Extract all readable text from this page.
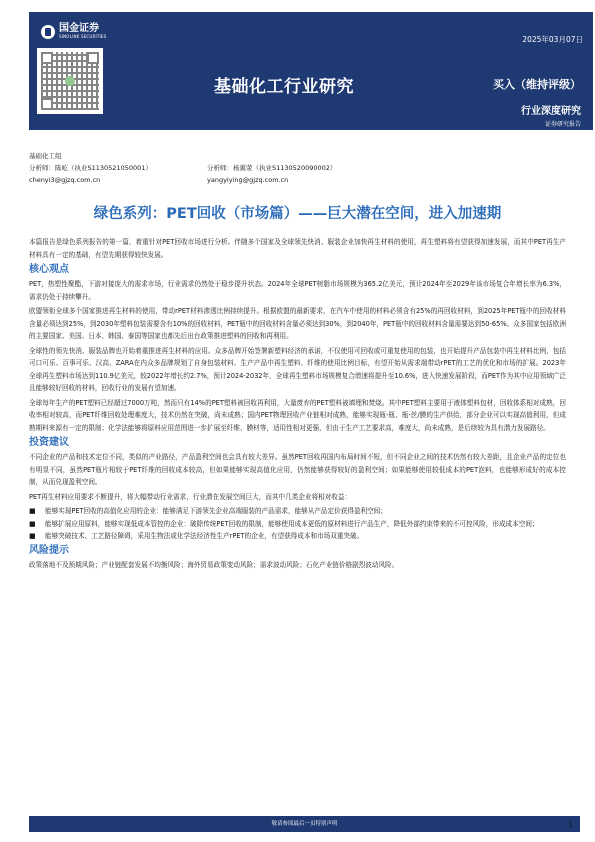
国金证券
SINOLINK SECURITIES	2025年03月07日
基础化工行业研究	买入（维持评级）
行业深度研究
证券研究报告
基础化工组
分析师：陈屹（执业S1130521050001）
chenyi3@gjzq.com.cn
分析师：杨翼荥（执业S1130520090002）
yangyiying@gjzq.com.cn
绿色系列：PET回收（市场篇）——巨大潜在空间，进入加速期

本篇报告是绿色系列报告的第一篇，着重针对PET回收市场进行分析。伴随多个国家及全球领先快消、服装企业加快再生材料的使用，再生塑料将有望获得加速发展，而其中PET再生产材料具有一定的基础，有望先期获得较快发展。

核心观点

PET，热塑性聚酯，下游对接庞大的需求市场，行业需求仍然处于稳步提升状态。2024年全球PET树脂市场规模为365.2亿美元，预计2024年至2029年该市场复合年增长率为6.3%，需求仍处于持续攀升。

欧盟领衔全球多个国家推进再生材料的使用，带动rPET材料渗透比例持续提升。根据欧盟的最新要求，在汽车中使用的材料必须含有25%的再回收材料，到2025年PET瓶中的回收材料含量必须达到25%，到2030年塑料包装需要含有10%的回收材料，PET瓶中的回收材料含量必须达到30%，到2040年，PET瓶中的回收材料含量需要达到50-65%。众多国家包括欧洲的主要国家、美国、日本、韩国、泰国等国家也都先后出台政策推进塑料的回收和再利用。

全球性的领先快消、服装品牌也开始着重推进再生材料的应用。众多品牌开始签署新塑料经济的承诺，不仅使用可回收或可重复使用的包装，也开始提升产品包装中再生材料比例，包括可口可乐、百事可乐、汉高、ZARA在内众多品牌规划了自身包装材料、生产产品中再生塑料、纤维的使用比例目标，有望开始从需求端带动rPET的工艺的优化和市场的扩展。2023年全球再生塑料市场达到110.9亿美元，较2022年增长约2.7%，预计2024-2032年，全球再生塑料市场规模复合增速将提升至10.6%，进入快速发展阶段，而PET作为其中应用领域广泛且能够较好回收的材料，回收行业的发展有望加速。

全球每年生产的PET塑料已经超过7000万吨，然而只有14%的PET塑料被回收再利用，大量废弃的PET塑料被填埋和焚烧。其中PET塑料主要用于液体塑料包材，回收体系相对成熟，回收率相对较高，而PET纤维回收处理难度大，技术仍然在突破，尚未成熟；国内PET物理回收产业链相对成熟，能够实现瓶-瓶、瓶-丝/膜的生产供给，部分企业可以实现高值利用，但成熟期料来源有一定的限制；化学法能够将原料应用范围进一步扩展至纤维、膜材等，适用性相对更强，但由于生产工艺要求高，难度大，尚未成熟，是后续较为具有潜力发展路径。

投资建议

不同企业的产品和技术定位不同，类似的产业路径，产品盈利空间也会具有较大差异。虽然PET回收再国内布局时间不短，但不同企业之间的技术仍然有较大差距，且企业产品的定位也有明显不同，虽然PET瓶片相较于PET纤维的回收成本较高，但如果能够实现高值化应用，仍然能够获得较好的盈利空间；如果能够使用较低成本的PET泡料，也能够形成好的成本控制，从而兑现盈利空间。

PET再生材料应用要求不断提升，将大幅带动行业需求，行业潜在发展空间巨大，而其中几类企业将相对收益：

■	能够实现PET回收的高值化应用的企业：能够满足下游领先企业高端服装的产品需求，能够从产品定价获得盈利空间；
■	能够扩展应用原料，能够实现低成本管控的企业：破除传统PET回收的限制，能够使用成本更低的原材料进行产品生产，降低外部约束带来的不可控风险，形成成本空间；
■	能够突破技术、工艺路径障碍，采用生物法或化学法经济性生产rPET的企业，有望获得成本和市场双重突破。
风险提示

政策落地不及预期风险；产业链配套发展不均衡风险；海外贸易政策变动风险；需求波动风险；石化产业链价格剧烈波动风险。

敬请参阅最后一页特别声明	1
